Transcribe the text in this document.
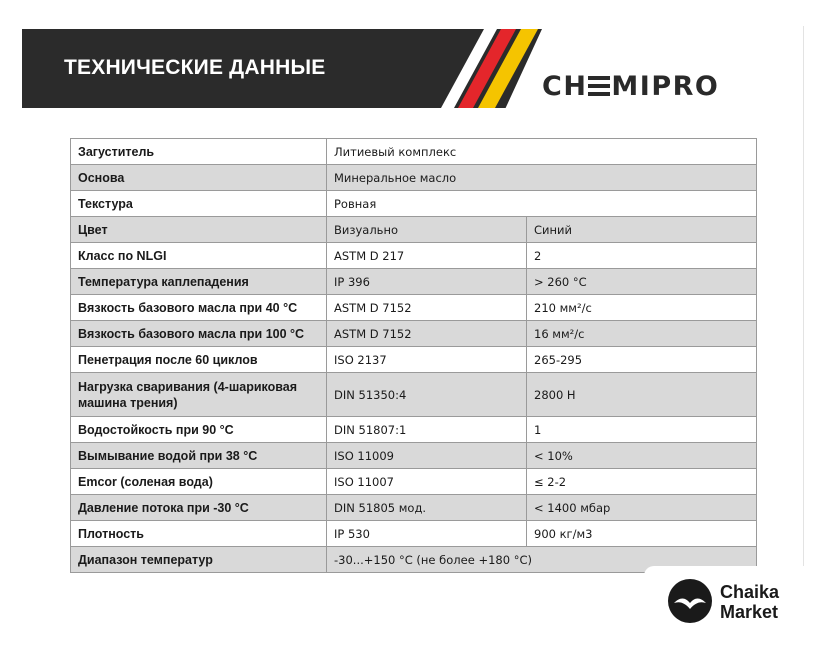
ТЕХНИЧЕСКИЕ ДАННЫЕ
CH MIPRO
Загуститель	Литиевый комплекс	
Основа	Минеральное масло	
Текстура	Ровная	
Цвет	Визуально	Синий
Класс по NLGI	ASTM D 217	2
Температура каплепадения	IP 396	> 260 °C
Вязкость базового масла при 40 °C	ASTM D 7152	210 мм²/с
Вязкость базового масла при 100 °C	ASTM D 7152	16 мм²/с
Пенетрация после 60 циклов	ISO 2137	265-295
Нагрузка сваривания (4-шариковая машина трения)	DIN 51350:4	2800 Н
Водостойкость при 90 °C	DIN 51807:1	1
Вымывание водой при 38 °C	ISO 11009	< 10%
Emcor (соленая вода)	ISO 11007	≤ 2-2
Давление потока при -30 °C	DIN 51805 мод.	< 1400 мбар
Плотность	IP 530	900 кг/м3
Диапазон температур	-30...+150 °C (не более +180 °C)	
Chaika
Market
